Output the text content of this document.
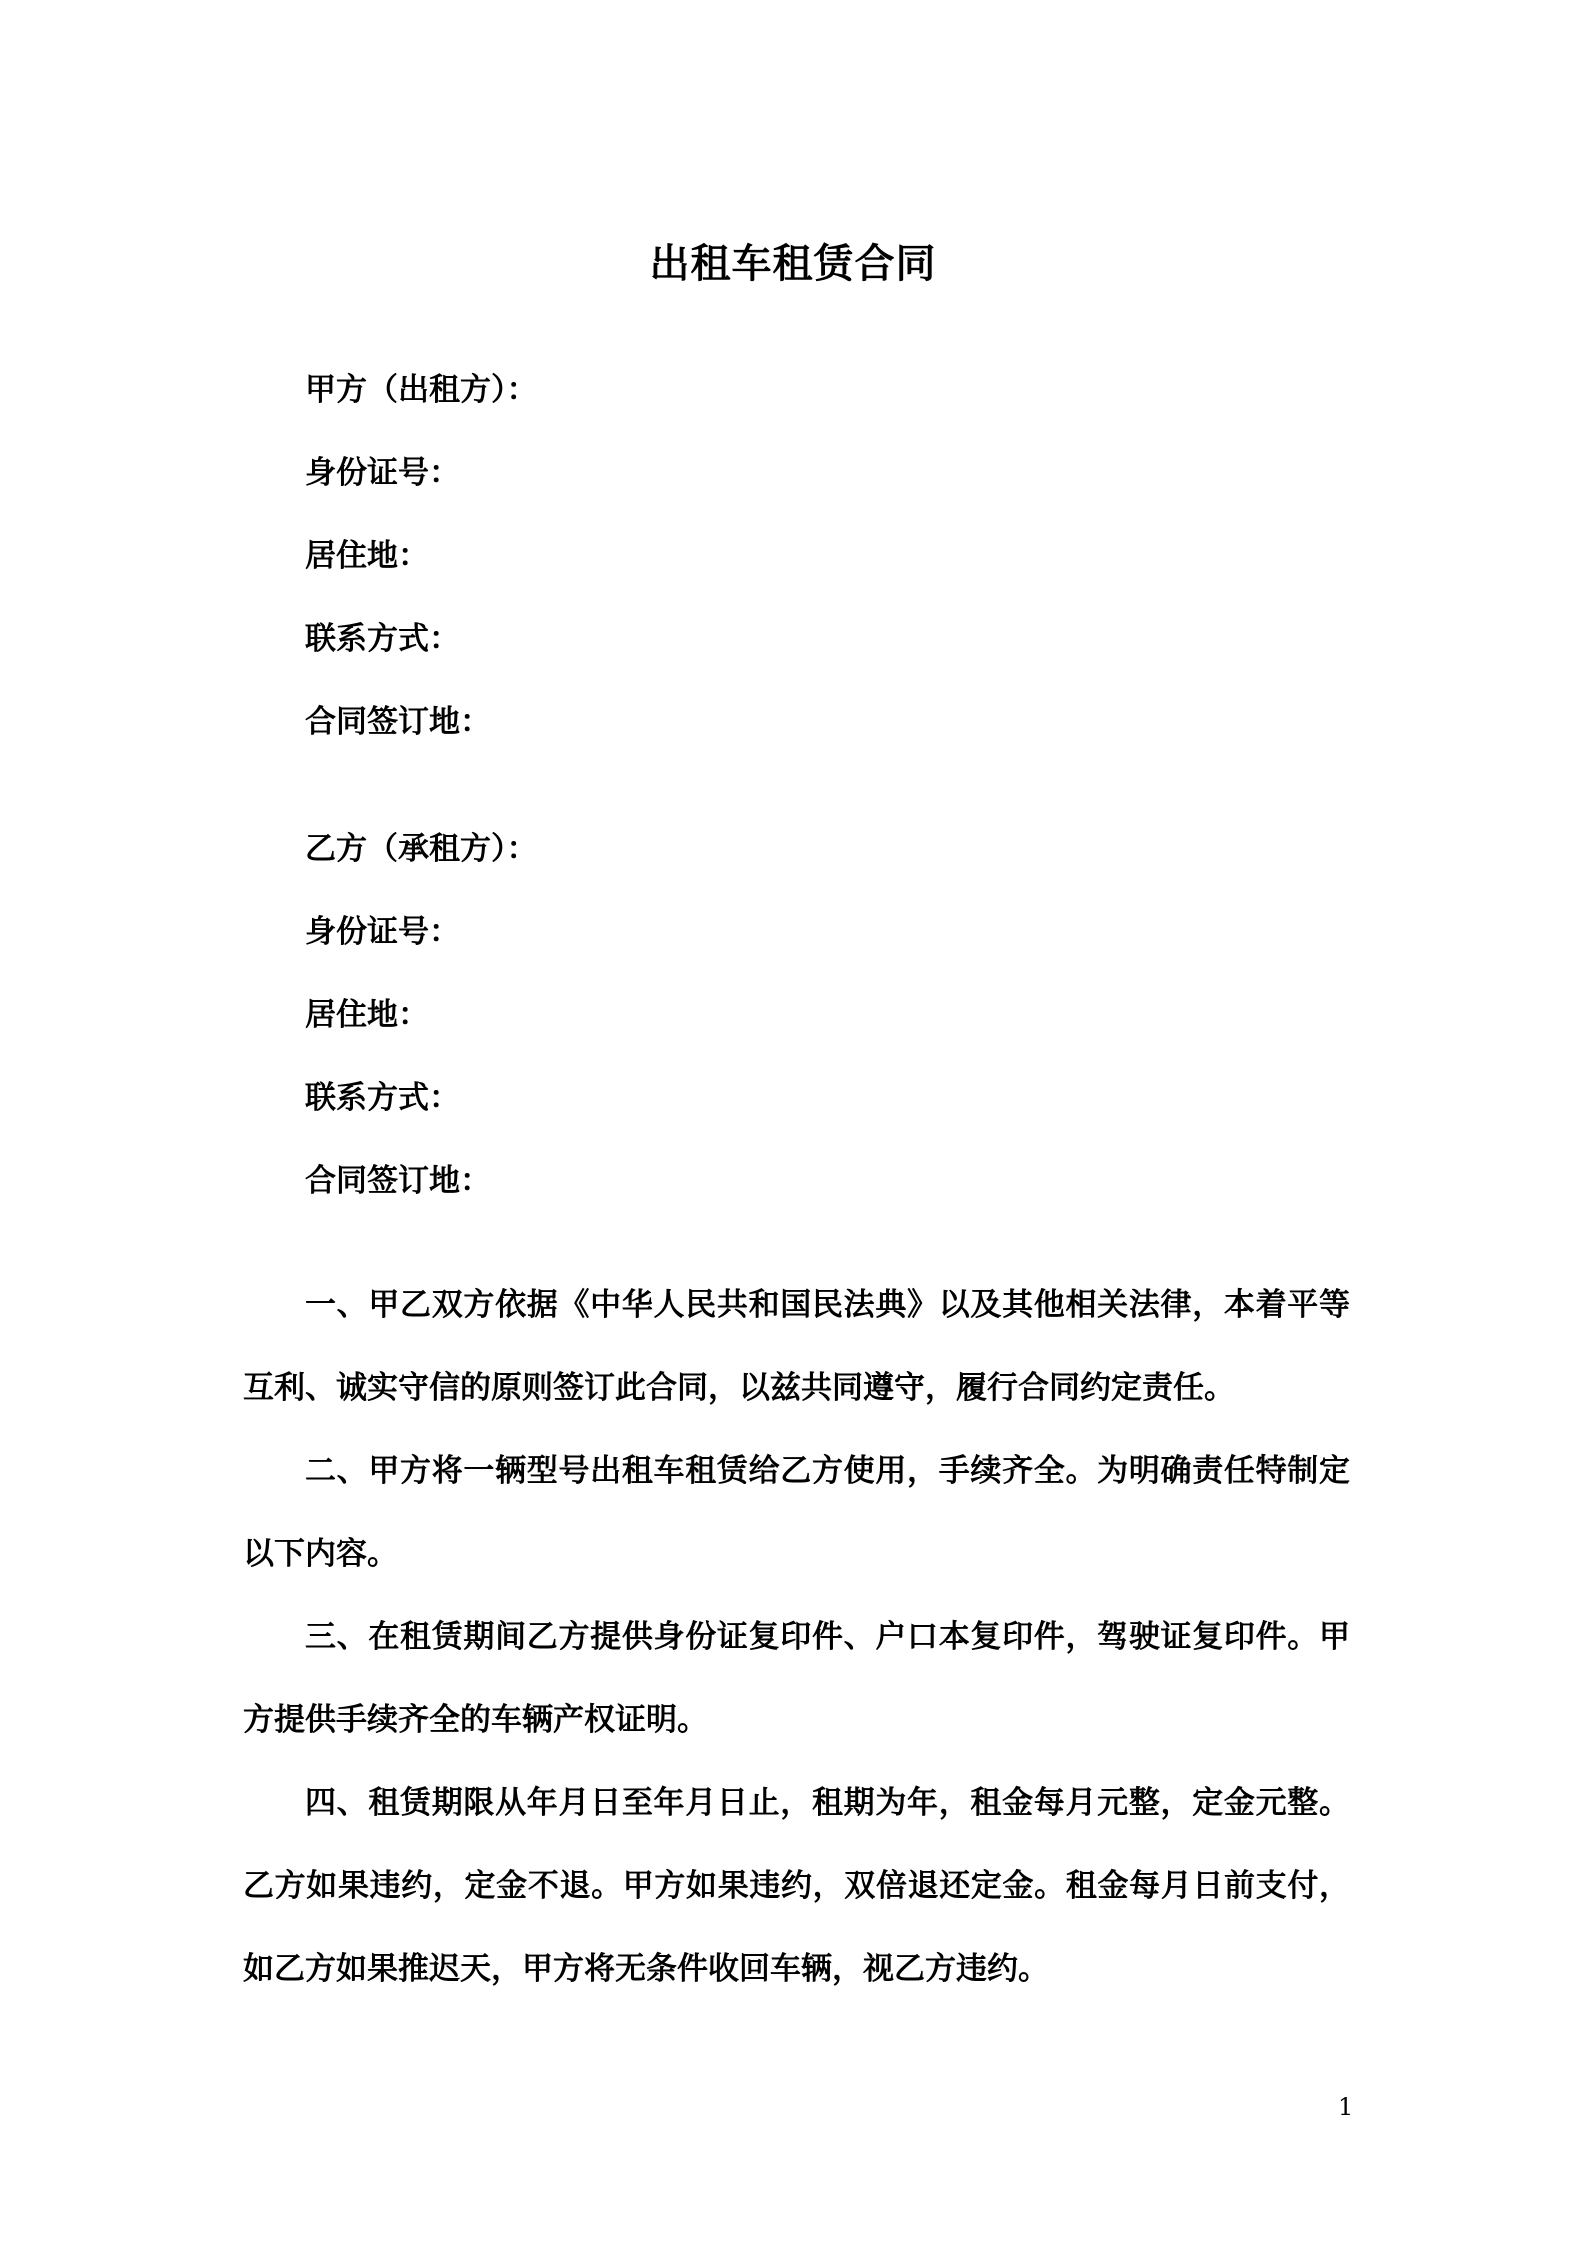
出租车租赁合同
甲方（出租方）：
身份证号：
居住地：
联系方式：
合同签订地：
乙方（承租方）：
身份证号：
居住地：
联系方式：
合同签订地：

一、甲乙双方依据《中华人民共和国民法典》以及其他相关法律，本着平等互利、诚实守信的原则签订此合同，以兹共同遵守，履行合同约定责任。

二、甲方将一辆型号出租车租赁给乙方使用，手续齐全。为明确责任特制定以下内容。

三、在租赁期间乙方提供身份证复印件、户口本复印件，驾驶证复印件。甲方提供手续齐全的车辆产权证明。

四、租赁期限从年月日至年月日止，租期为年，租金每月元整，定金元整。乙方如果违约，定金不退。甲方如果违约，双倍退还定金。租金每月日前支付，如乙方如果推迟天，甲方将无条件收回车辆，视乙方违约。

1
